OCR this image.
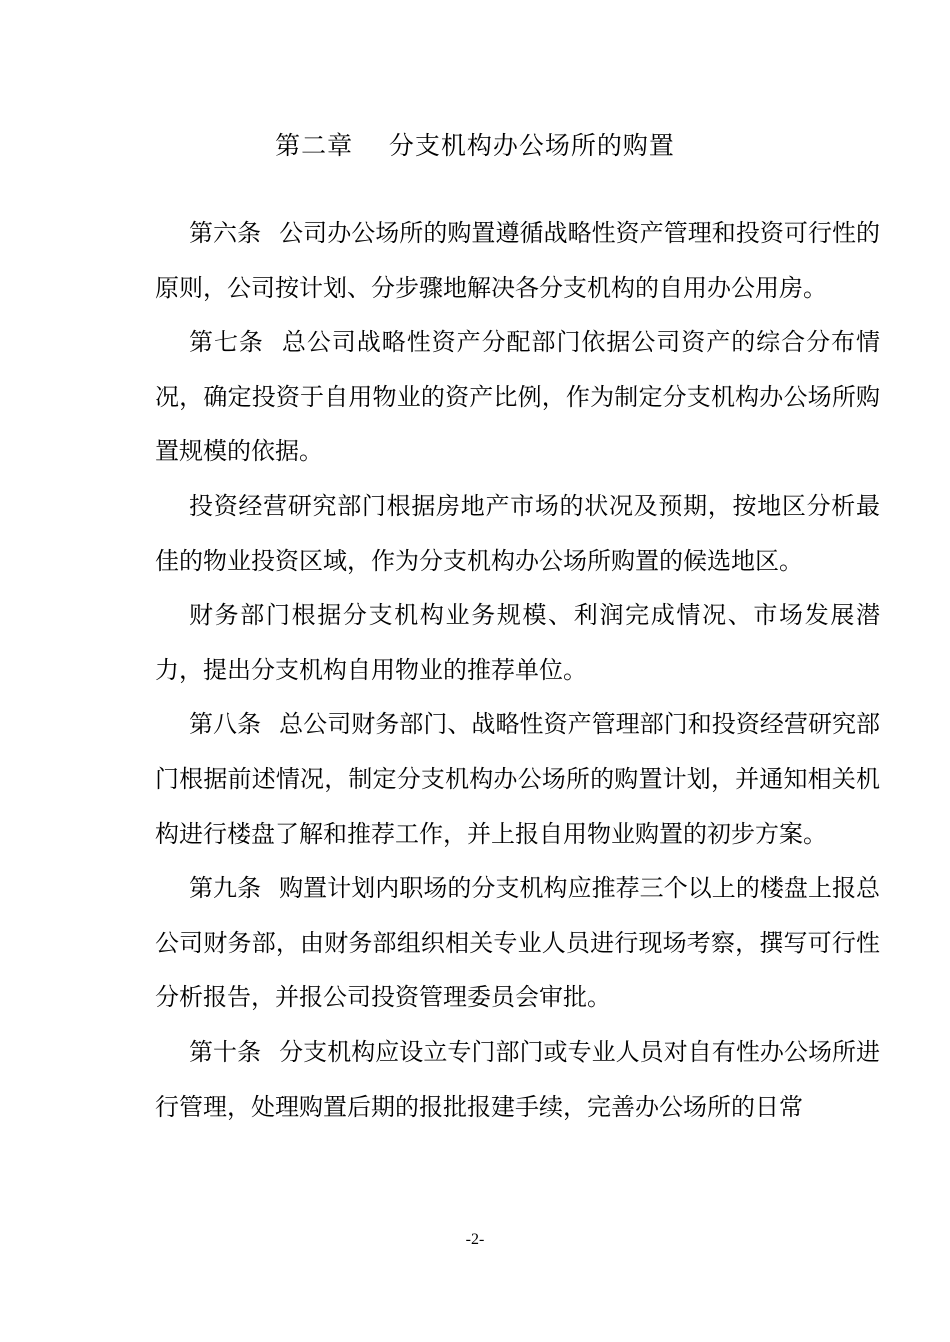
第二章    分支机构办公场所的购置

第六条 公司办公场所的购置遵循战略性资产管理和投资可行性的原则，公司按计划、分步骤地解决各分支机构的自用办公用房。

第七条 总公司战略性资产分配部门依据公司资产的综合分布情况，确定投资于自用物业的资产比例，作为制定分支机构办公场所购置规模的依据。

投资经营研究部门根据房地产市场的状况及预期，按地区分析最佳的物业投资区域，作为分支机构办公场所购置的候选地区。

财务部门根据分支机构业务规模、利润完成情况、市场发展潜力，提出分支机构自用物业的推荐单位。

第八条 总公司财务部门、战略性资产管理部门和投资经营研究部门根据前述情况，制定分支机构办公场所的购置计划，并通知相关机构进行楼盘了解和推荐工作，并上报自用物业购置的初步方案。

第九条 购置计划内职场的分支机构应推荐三个以上的楼盘上报总公司财务部，由财务部组织相关专业人员进行现场考察，撰写可行性分析报告，并报公司投资管理委员会审批。

第十条 分支机构应设立专门部门或专业人员对自有性办公场所进行管理，处理购置后期的报批报建手续，完善办公场所的日常

-2-
